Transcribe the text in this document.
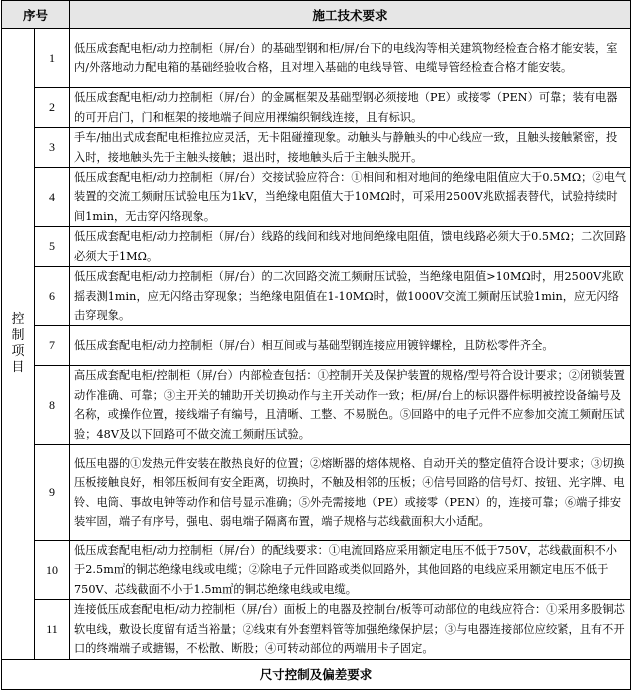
序号		施工技术要求

控制项目	1	低压成套配电柜/动力控制柜（屏/台）的基础型钢和柜/屏/台下的电线沟等相关建筑物经检查合格才能安装，室内/外落地动力配电箱的基础经验收合格，且对埋入基础的电线导管、电缆导管经检查合格才能安装。
	2	低压成套配电柜/动力控制柜（屏/台）的金属框架及基础型钢必须接地（PE）或接零（PEN）可靠；装有电器的可开启门，门和框架的接地端子间应用裸编织铜线连接，且有标识。
	3	手车/抽出式成套配电柜推拉应灵活，无卡阻碰撞现象。动触头与静触头的中心线应一致，且触头接触紧密，投入时，接地触头先于主触头接触；退出时，接地触头后于主触头脱开。
	4	低压成套配电柜/动力控制柜（屏/台）交接试验应符合：①相间和相对地间的绝缘电阻值应大于0.5MΩ；②电气装置的交流工频耐压试验电压为1kV，当绝缘电阻值大于10MΩ时，可采用2500V兆欧摇表替代，试验持续时间1min，无击穿闪络现象。
	5	低压成套配电柜/动力控制柜（屏/台）线路的线间和线对地间绝缘电阻值，馈电线路必须大于0.5MΩ；二次回路必须大于1MΩ。
	6	低压成套配电柜/动力控制柜（屏/台）的二次回路交流工频耐压试验，当绝缘电阻值>10MΩ时，用2500V兆欧摇表测1min，应无闪络击穿现象；当绝缘电阻值在1-10MΩ时，做1000V交流工频耐压试验1min，应无闪络击穿现象。
	7	低压成套配电柜/动力控制柜（屏/台）相互间或与基础型钢连接应用镀锌螺栓，且防松零件齐全。
	8	高压成套配电柜/控制柜（屏/台）内部检查包括：①控制开关及保护装置的规格/型号符合设计要求；②闭锁装置动作准确、可靠；③主开关的辅助开关切换动作与主开关动作一致；柜/屏/台上的标识器件标明被控设备编号及名称，或操作位置，接线端子有编号，且清晰、工整、不易脱色。⑤回路中的电子元件不应参加交流工频耐压试验；48V及以下回路可不做交流工频耐压试验。
	9	低压电器的①发热元件安装在散热良好的位置；②熔断器的熔体规格、自动开关的整定值符合设计要求；③切换压板接触良好，相邻压板间有安全距离，切换时，不触及相邻的压板；④信号回路的信号灯、按钮、光字牌、电铃、电筒、事故电钟等动作和信号显示准确；⑤外壳需接地（PE）或接零（PEN）的，连接可靠；⑥端子排安装牢固，端子有序号，强电、弱电端子隔离布置，端子规格与芯线截面积大小适配。
	10	低压成套配电柜/动力控制柜（屏/台）的配线要求：①电流回路应采用额定电压不低于750V，芯线截面积不小于2.5m㎡的铜芯绝缘电线或电缆；②除电子元件回路或类似回路外，其他回路的电线应采用额定电压不低于750V、芯线截面不小于1.5m㎡的铜芯绝缘电线或电缆。
	11	连接低压成套配电柜/动力控制柜（屏/台）面板上的电器及控制台/板等可动部位的电线应符合：①采用多股铜芯软电线，敷设长度留有适当裕量；②线束有外套塑料管等加强绝缘保护层；③与电器连接部位应绞紧，且有不开口的终端端子或搪锡，不松散、断股；④可转动部位的两端用卡子固定。
尺寸控制及偏差要求		
